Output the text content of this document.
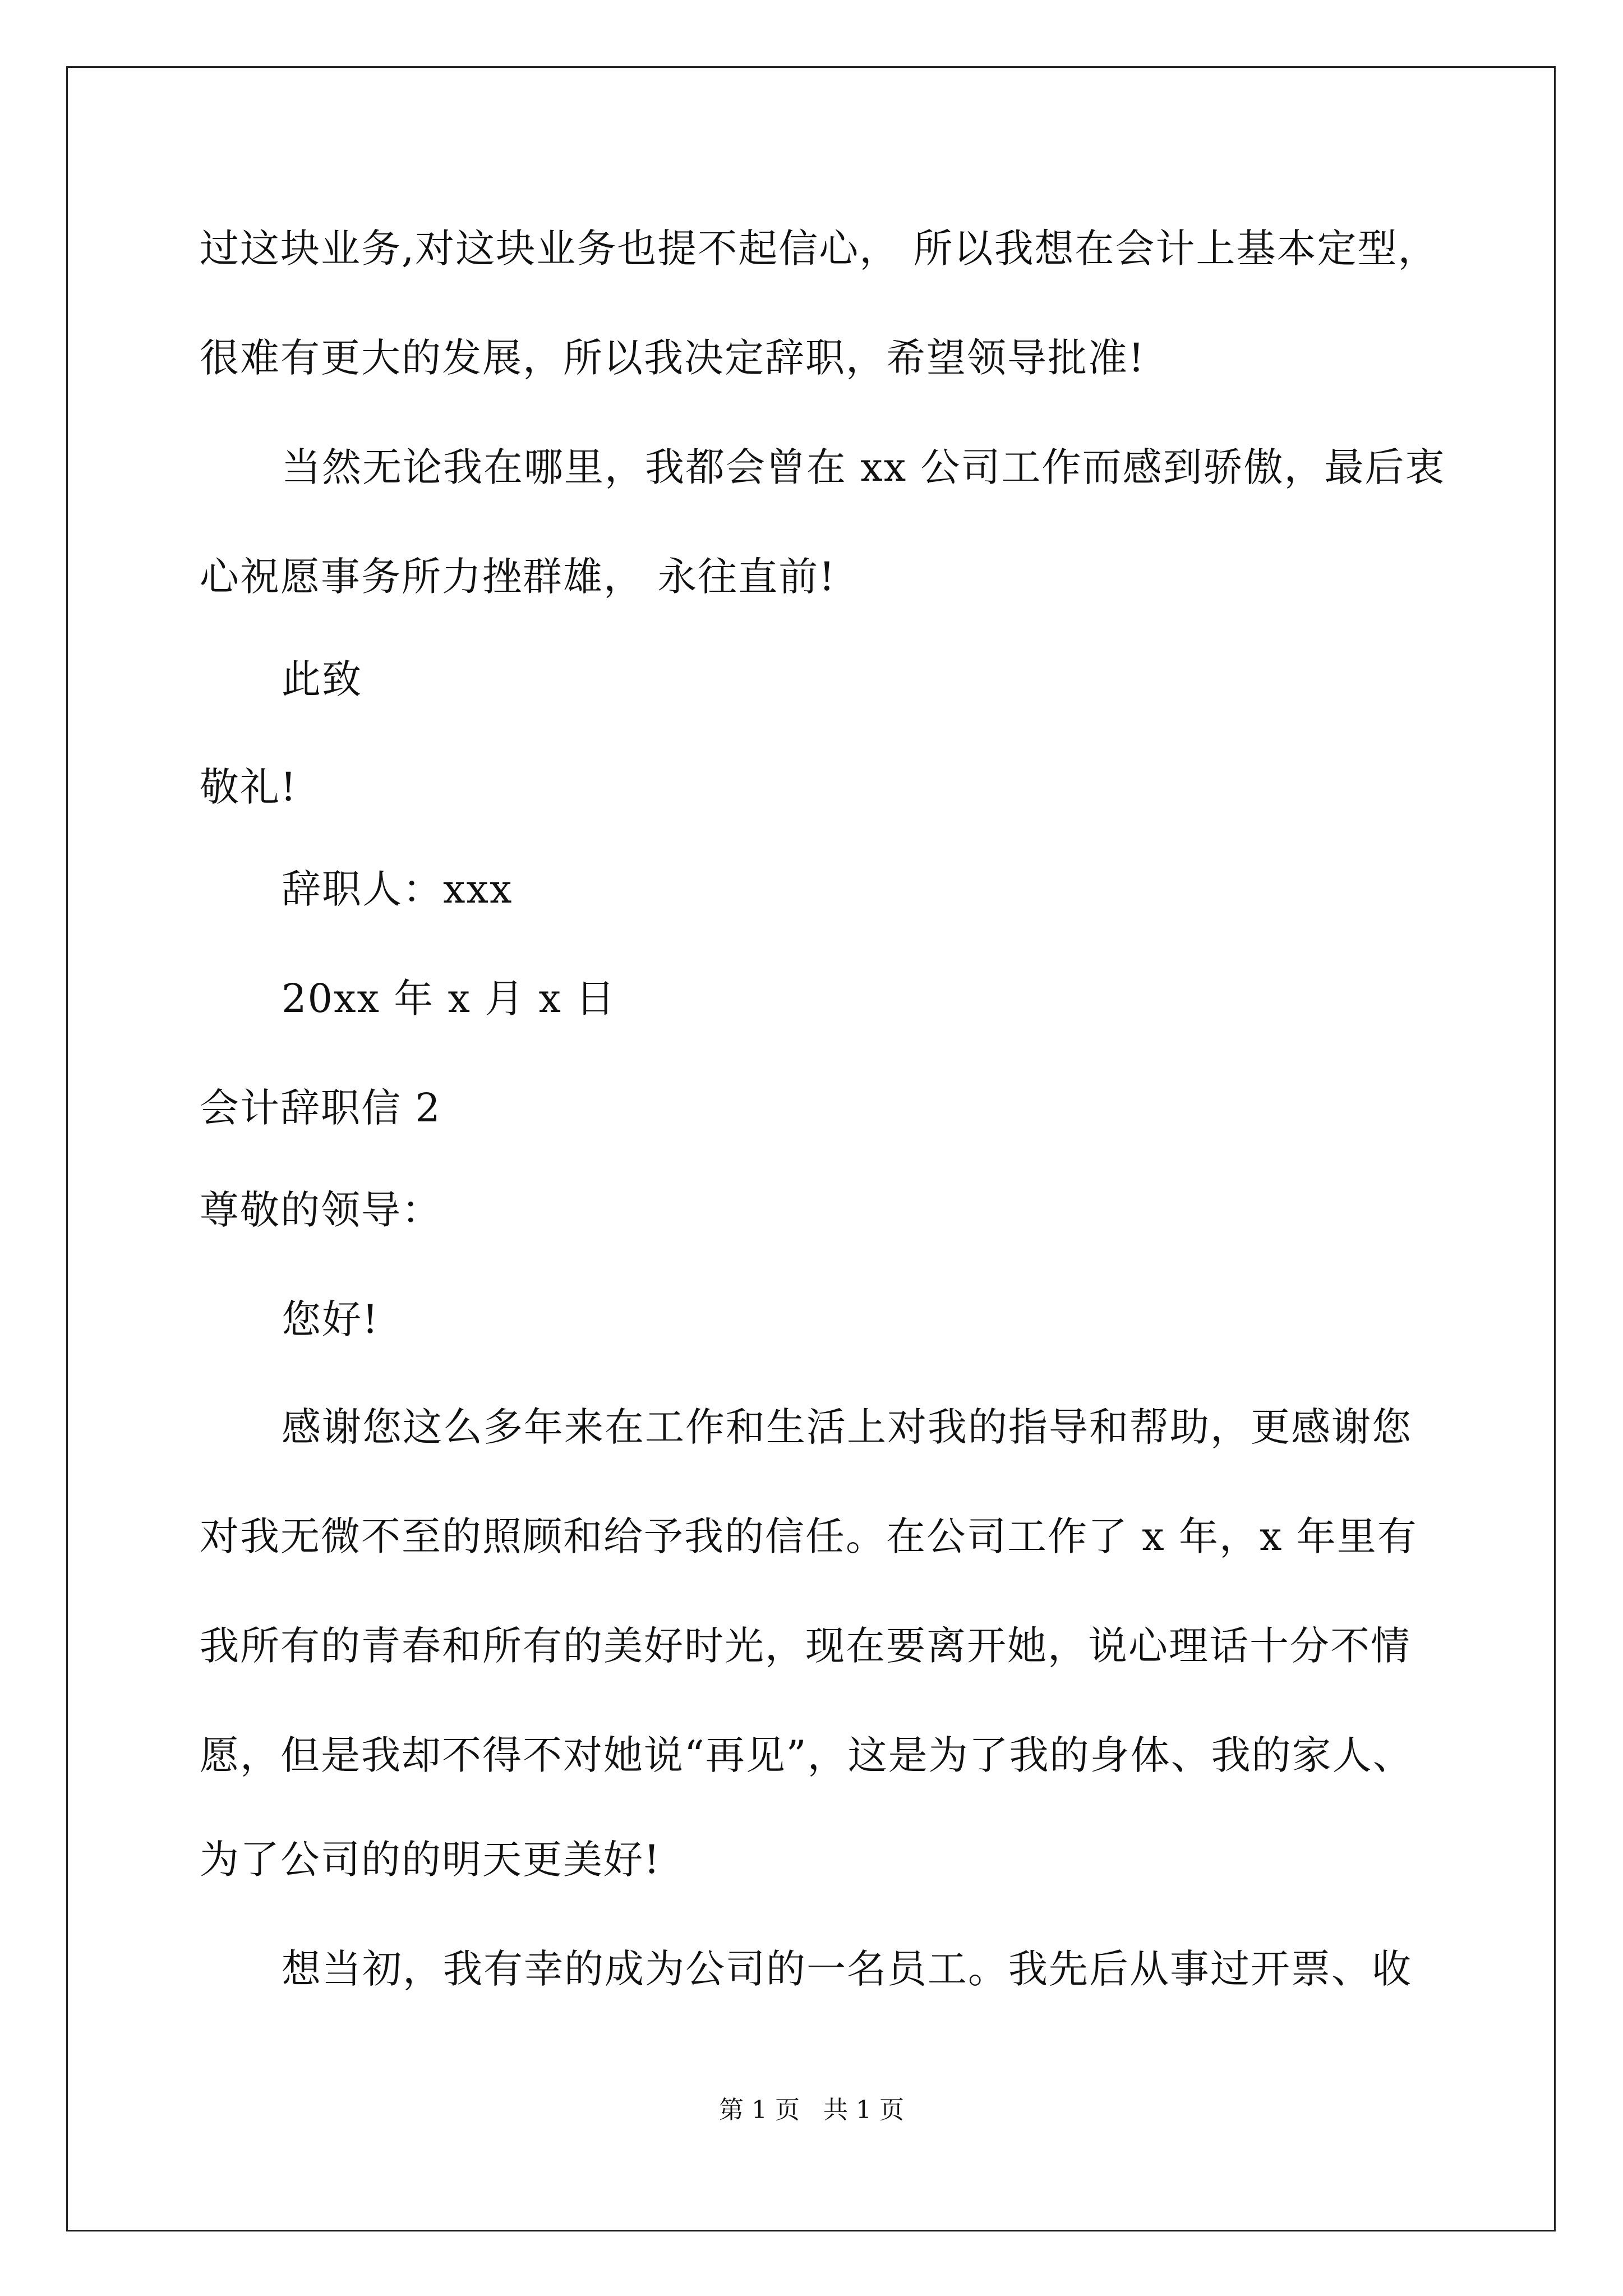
过这块业务,对这块业务也提不起信心， 所以我想在会计上基本定型，
很难有更大的发展，所以我决定辞职，希望领导批准!
当然无论我在哪里，我都会曾在 xx 公司工作而感到骄傲，最后衷
心祝愿事务所力挫群雄， 永往直前!
此致
敬礼!
辞职人：xxx
20xx 年 x 月 x 日
会计辞职信 2
尊敬的领导：
您好!
感谢您这么多年来在工作和生活上对我的指导和帮助，更感谢您
对我无微不至的照顾和给予我的信任。在公司工作了 x 年，x 年里有
我所有的青春和所有的美好时光，现在要离开她，说心理话十分不情
愿，但是我却不得不对她说“再见”，这是为了我的身体、我的家人、
为了公司的的明天更美好!
想当初，我有幸的成为公司的一名员工。我先后从事过开票、收
第 1 页   共 1 页
